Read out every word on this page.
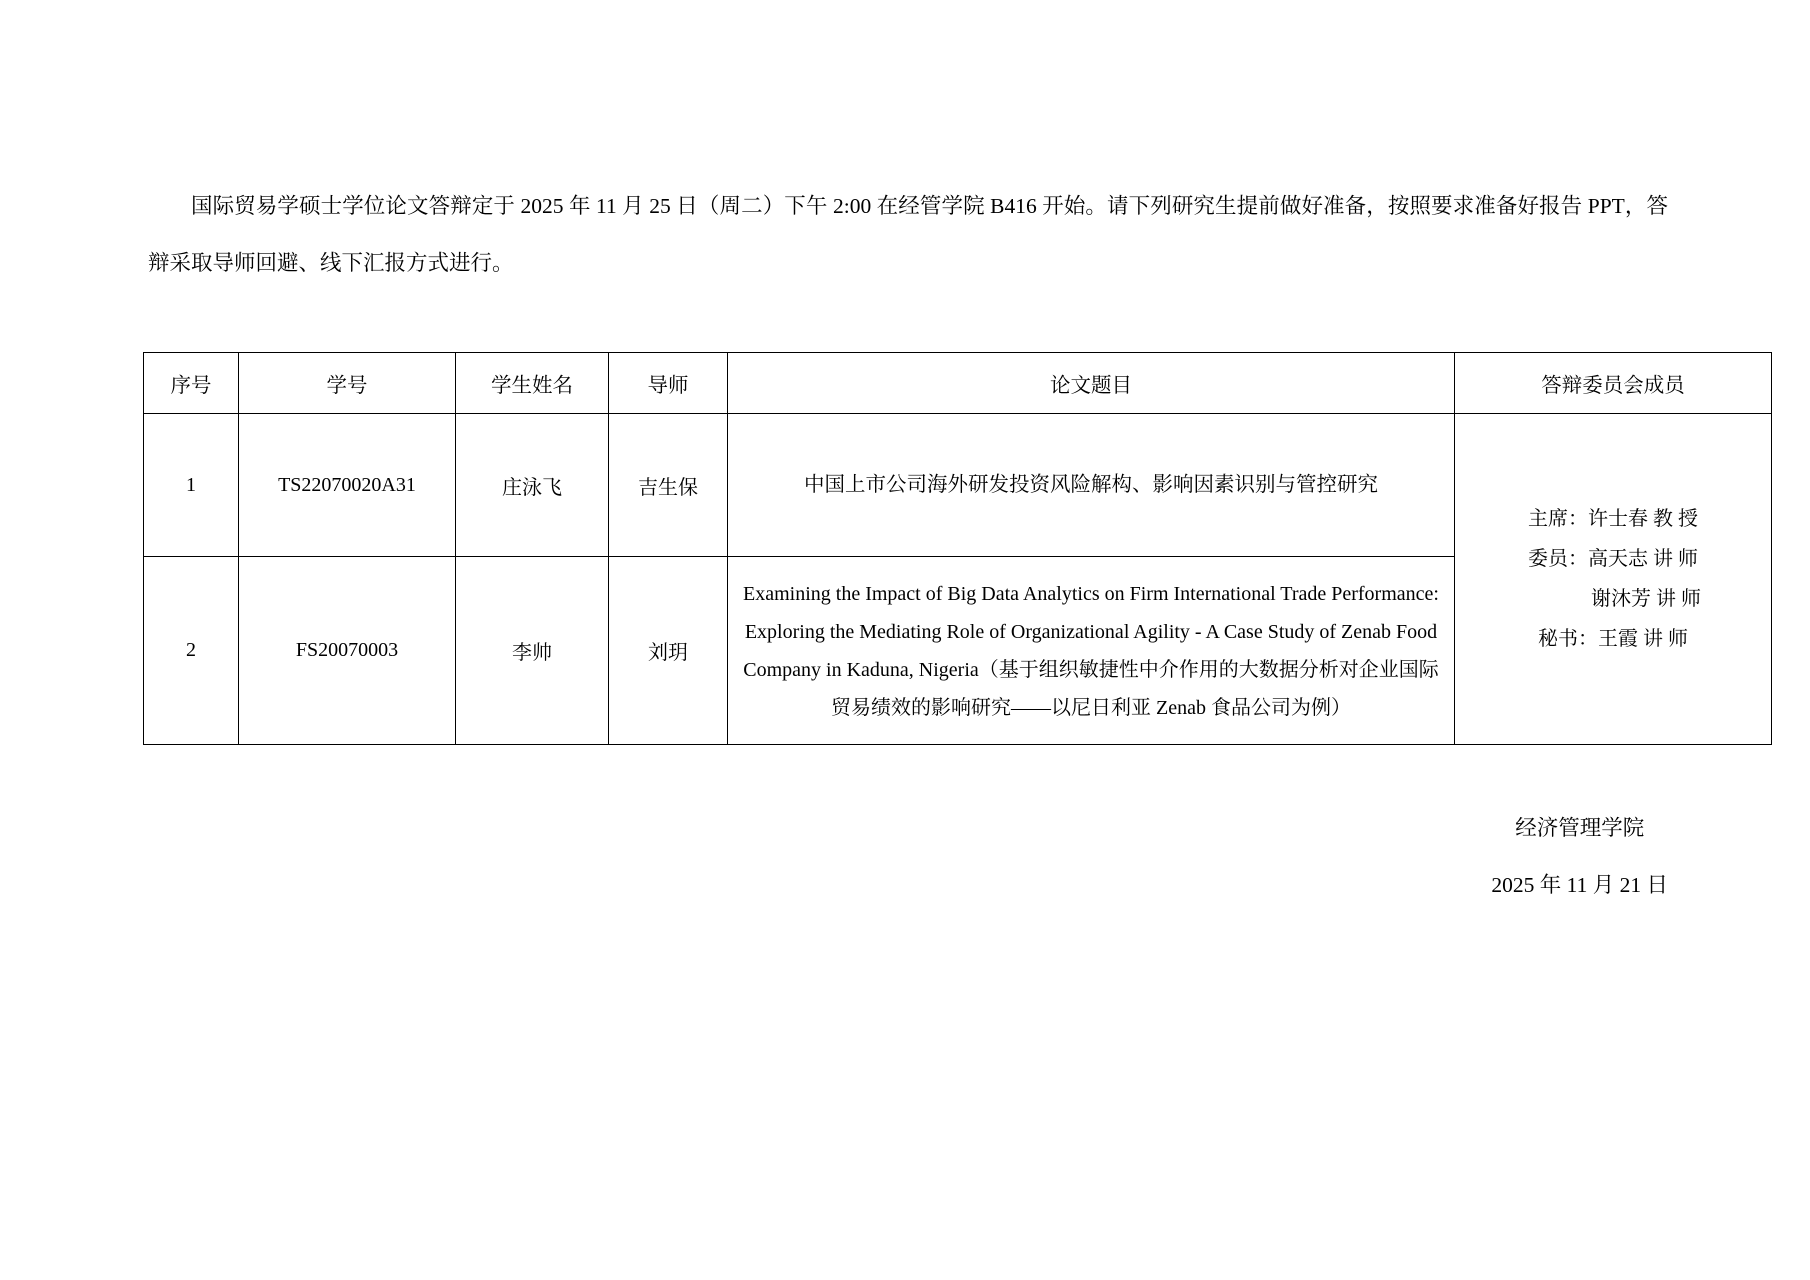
国际贸易学硕士学位论文答辩定于 2025 年 11 月 25 日（周二）下午 2:00 在经管学院 B416 开始。请下列研究生提前做好准备，按照要求准备好报告 PPT，答辩采取导师回避、线下汇报方式进行。

序号	学号	学生姓名	导师	论文题目	答辩委员会成员
1	TS22070020A31	庄泳飞	吉生保	中国上市公司海外研发投资风险解构、影响因素识别与管控研究	主席：许士春 教 授
委员：高天志 讲 师
谢沐芳 讲 师
秘书：王霞 讲 师

2	FS20070003	李帅	刘玥	Examining the Impact of Big Data Analytics on Firm International Trade Performance: Exploring the Mediating Role of Organizational Agility - A Case Study of Zenab Food Company in Kaduna, Nigeria（基于组织敏捷性中介作用的大数据分析对企业国际贸易绩效的影响研究——以尼日利亚 Zenab 食品公司为例）	
经济管理学院
2025 年 11 月 21 日
